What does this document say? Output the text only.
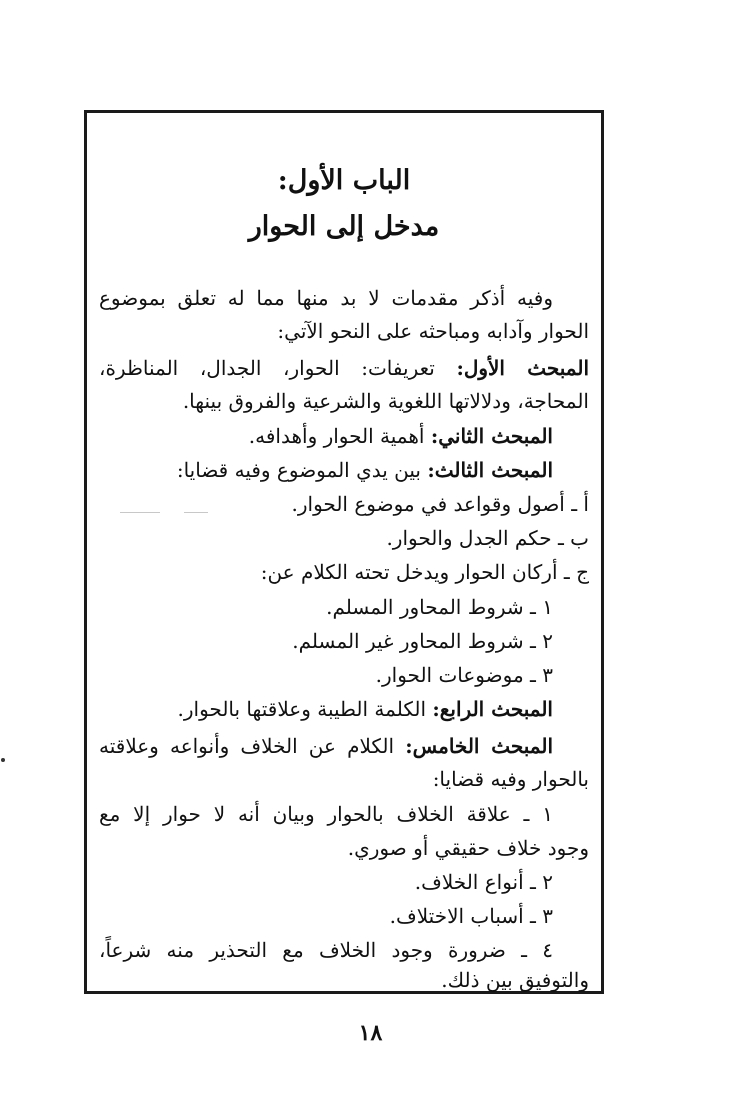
الباب الأول:
مدخل إلى الحوار
وفيه أذكر مقدمات لا بد منها مما له تعلق بموضوع
الحوار وآدابه ومباحثه على النحو الآتي:
المبحث الأول: تعريفات: الحوار، الجدال، المناظرة،
المحاجة، ودلالاتها اللغوية والشرعية والفروق بينها.
المبحث الثاني: أهمية الحوار وأهدافه.
المبحث الثالث: بين يدي الموضوع وفيه قضايا:
أ ـ أصول وقواعد في موضوع الحوار.
ب ـ حكم الجدل والحوار.
ج ـ أركان الحوار ويدخل تحته الكلام عن:
١ ـ شروط المحاور المسلم.
٢ ـ شروط المحاور غير المسلم.
٣ ـ موضوعات الحوار.
المبحث الرابع: الكلمة الطيبة وعلاقتها بالحوار.
المبحث الخامس: الكلام عن الخلاف وأنواعه وعلاقته
بالحوار وفيه قضايا:
١ ـ علاقة الخلاف بالحوار وبيان أنه لا حوار إلا مع
وجود خلاف حقيقي أو صوري.
٢ ـ أنواع الخلاف.
٣ ـ أسباب الاختلاف.
٤ ـ ضرورة وجود الخلاف مع التحذير منه شرعاً،
والتوفيق بين ذلك.
١٨
